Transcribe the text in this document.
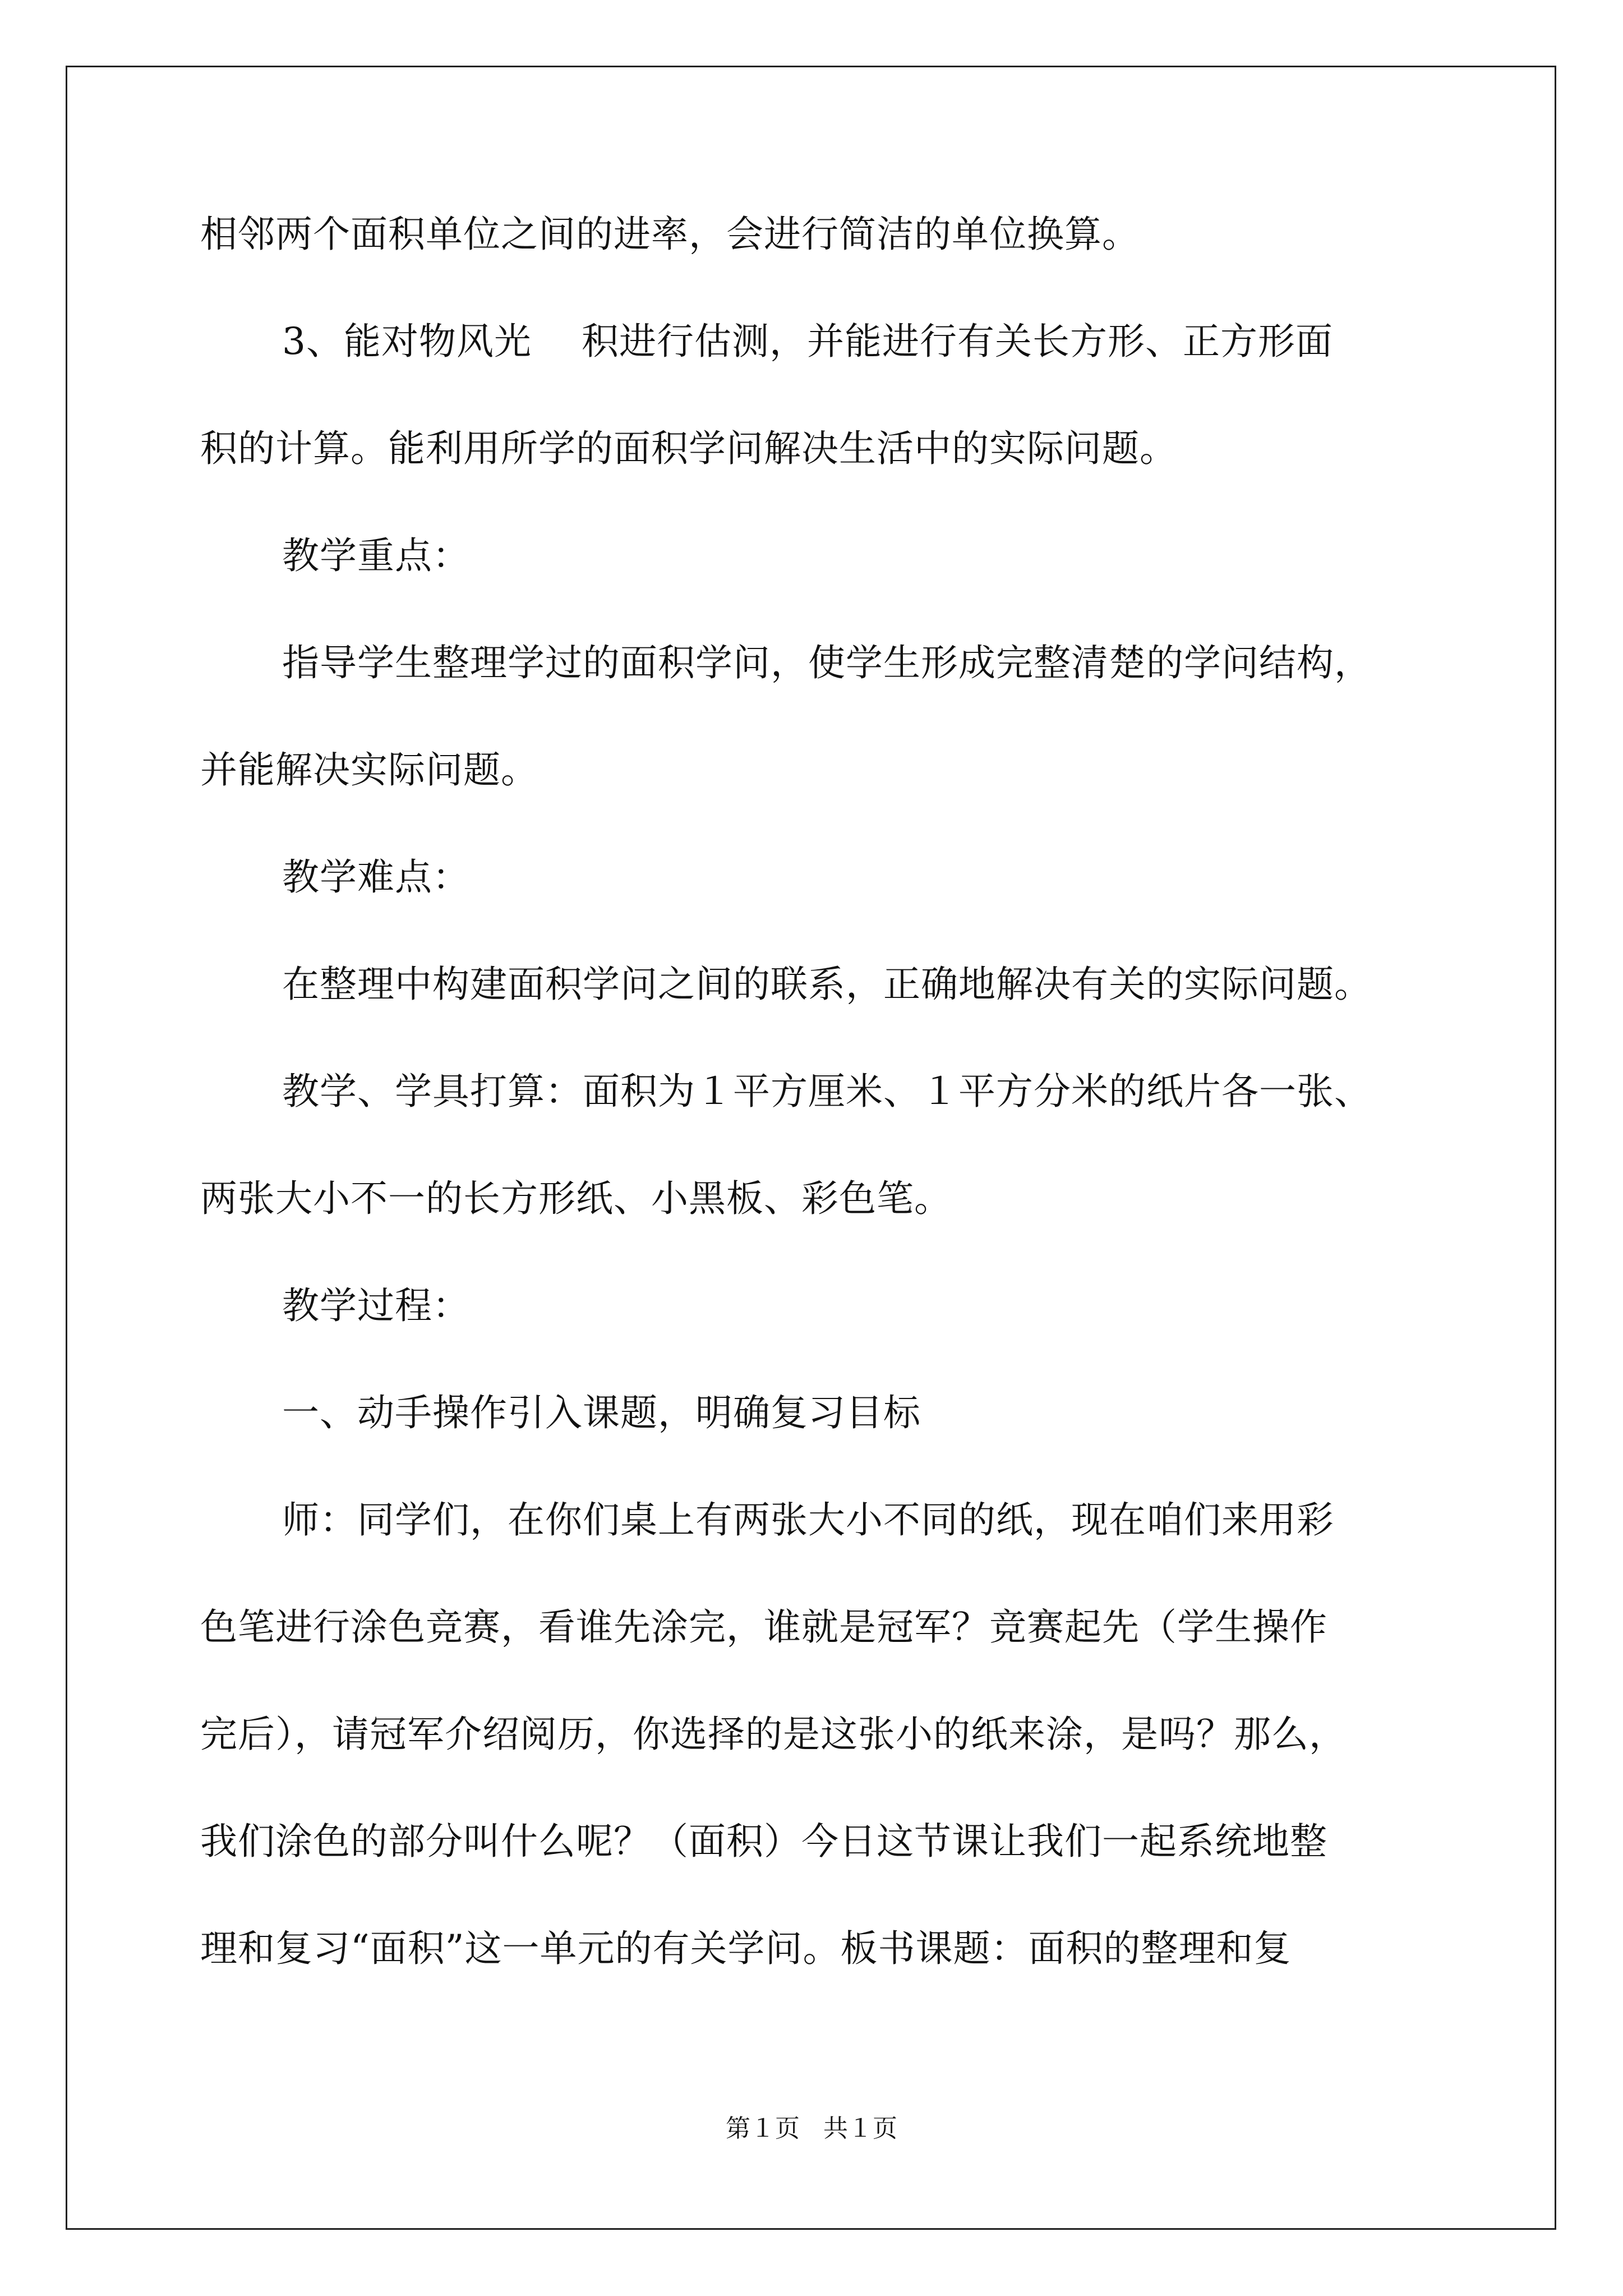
相邻两个面积单位之间的进率，会进行简洁的单位换算。

3、能对物风光　 积进行估测，并能进行有关长方形、正方形面

积的计算。能利用所学的面积学问解决生活中的实际问题。

教学重点：

指导学生整理学过的面积学问，使学生形成完整清楚的学问结构，

并能解决实际问题。

教学难点：

在整理中构建面积学问之间的联系，正确地解决有关的实际问题。

教学、学具打算：面积为１平方厘米、１平方分米的纸片各一张、

两张大小不一的长方形纸、小黑板、彩色笔。

教学过程：

一、动手操作引入课题，明确复习目标

师：同学们，在你们桌上有两张大小不同的纸，现在咱们来用彩

色笔进行涂色竞赛，看谁先涂完，谁就是冠军？竞赛起先（学生操作

完后），请冠军介绍阅历，你选择的是这张小的纸来涂，是吗？那么，

我们涂色的部分叫什么呢？（面积）今日这节课让我们一起系统地整

理和复习“面积”这一单元的有关学问。板书课题：面积的整理和复

第１页 共１页
